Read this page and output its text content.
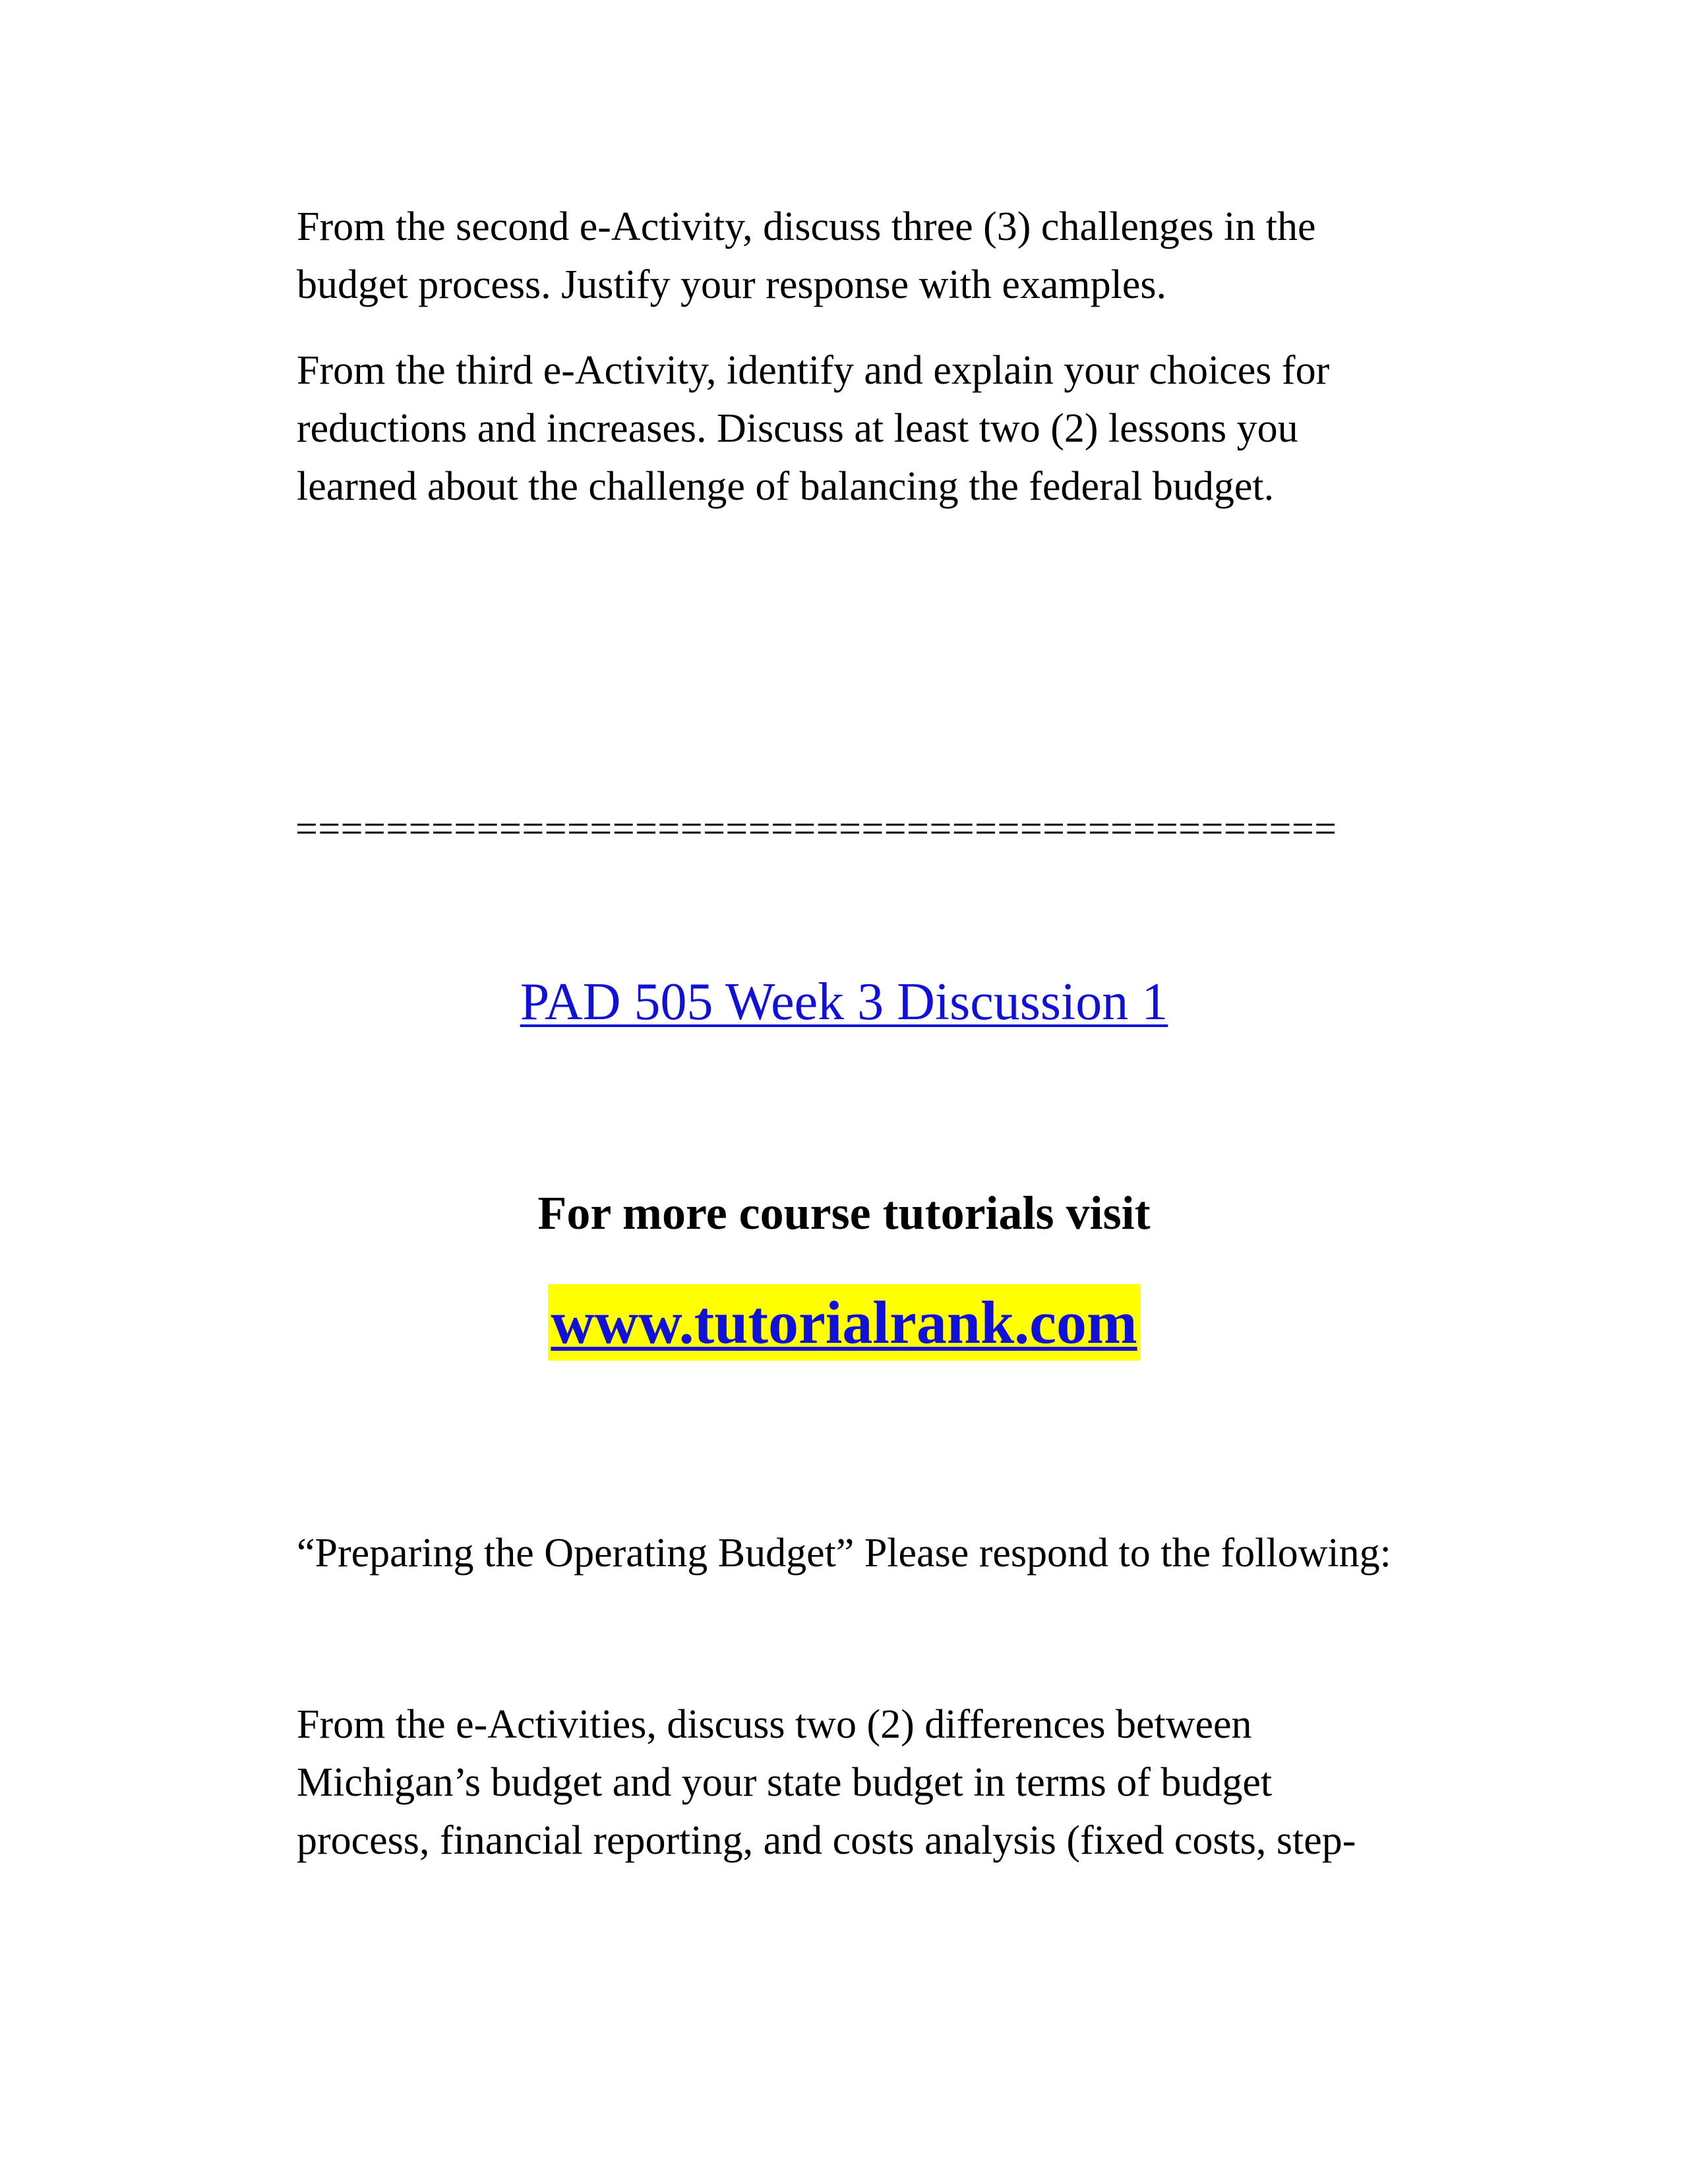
From the second e-Activity, discuss three (3) challenges in the
budget process. Justify your response with examples.

From the third e-Activity, identify and explain your choices for
reductions and increases. Discuss at least two (2) lessons you
learned about the challenge of balancing the federal budget.

==============================================
PAD 505 Week 3 Discussion 1
For more course tutorials visit
www.tutorialrank.com

“Preparing the Operating Budget” Please respond to the following:

From the e-Activities, discuss two (2) differences between
Michigan’s budget and your state budget in terms of budget
process, financial reporting, and costs analysis (fixed costs, step-
